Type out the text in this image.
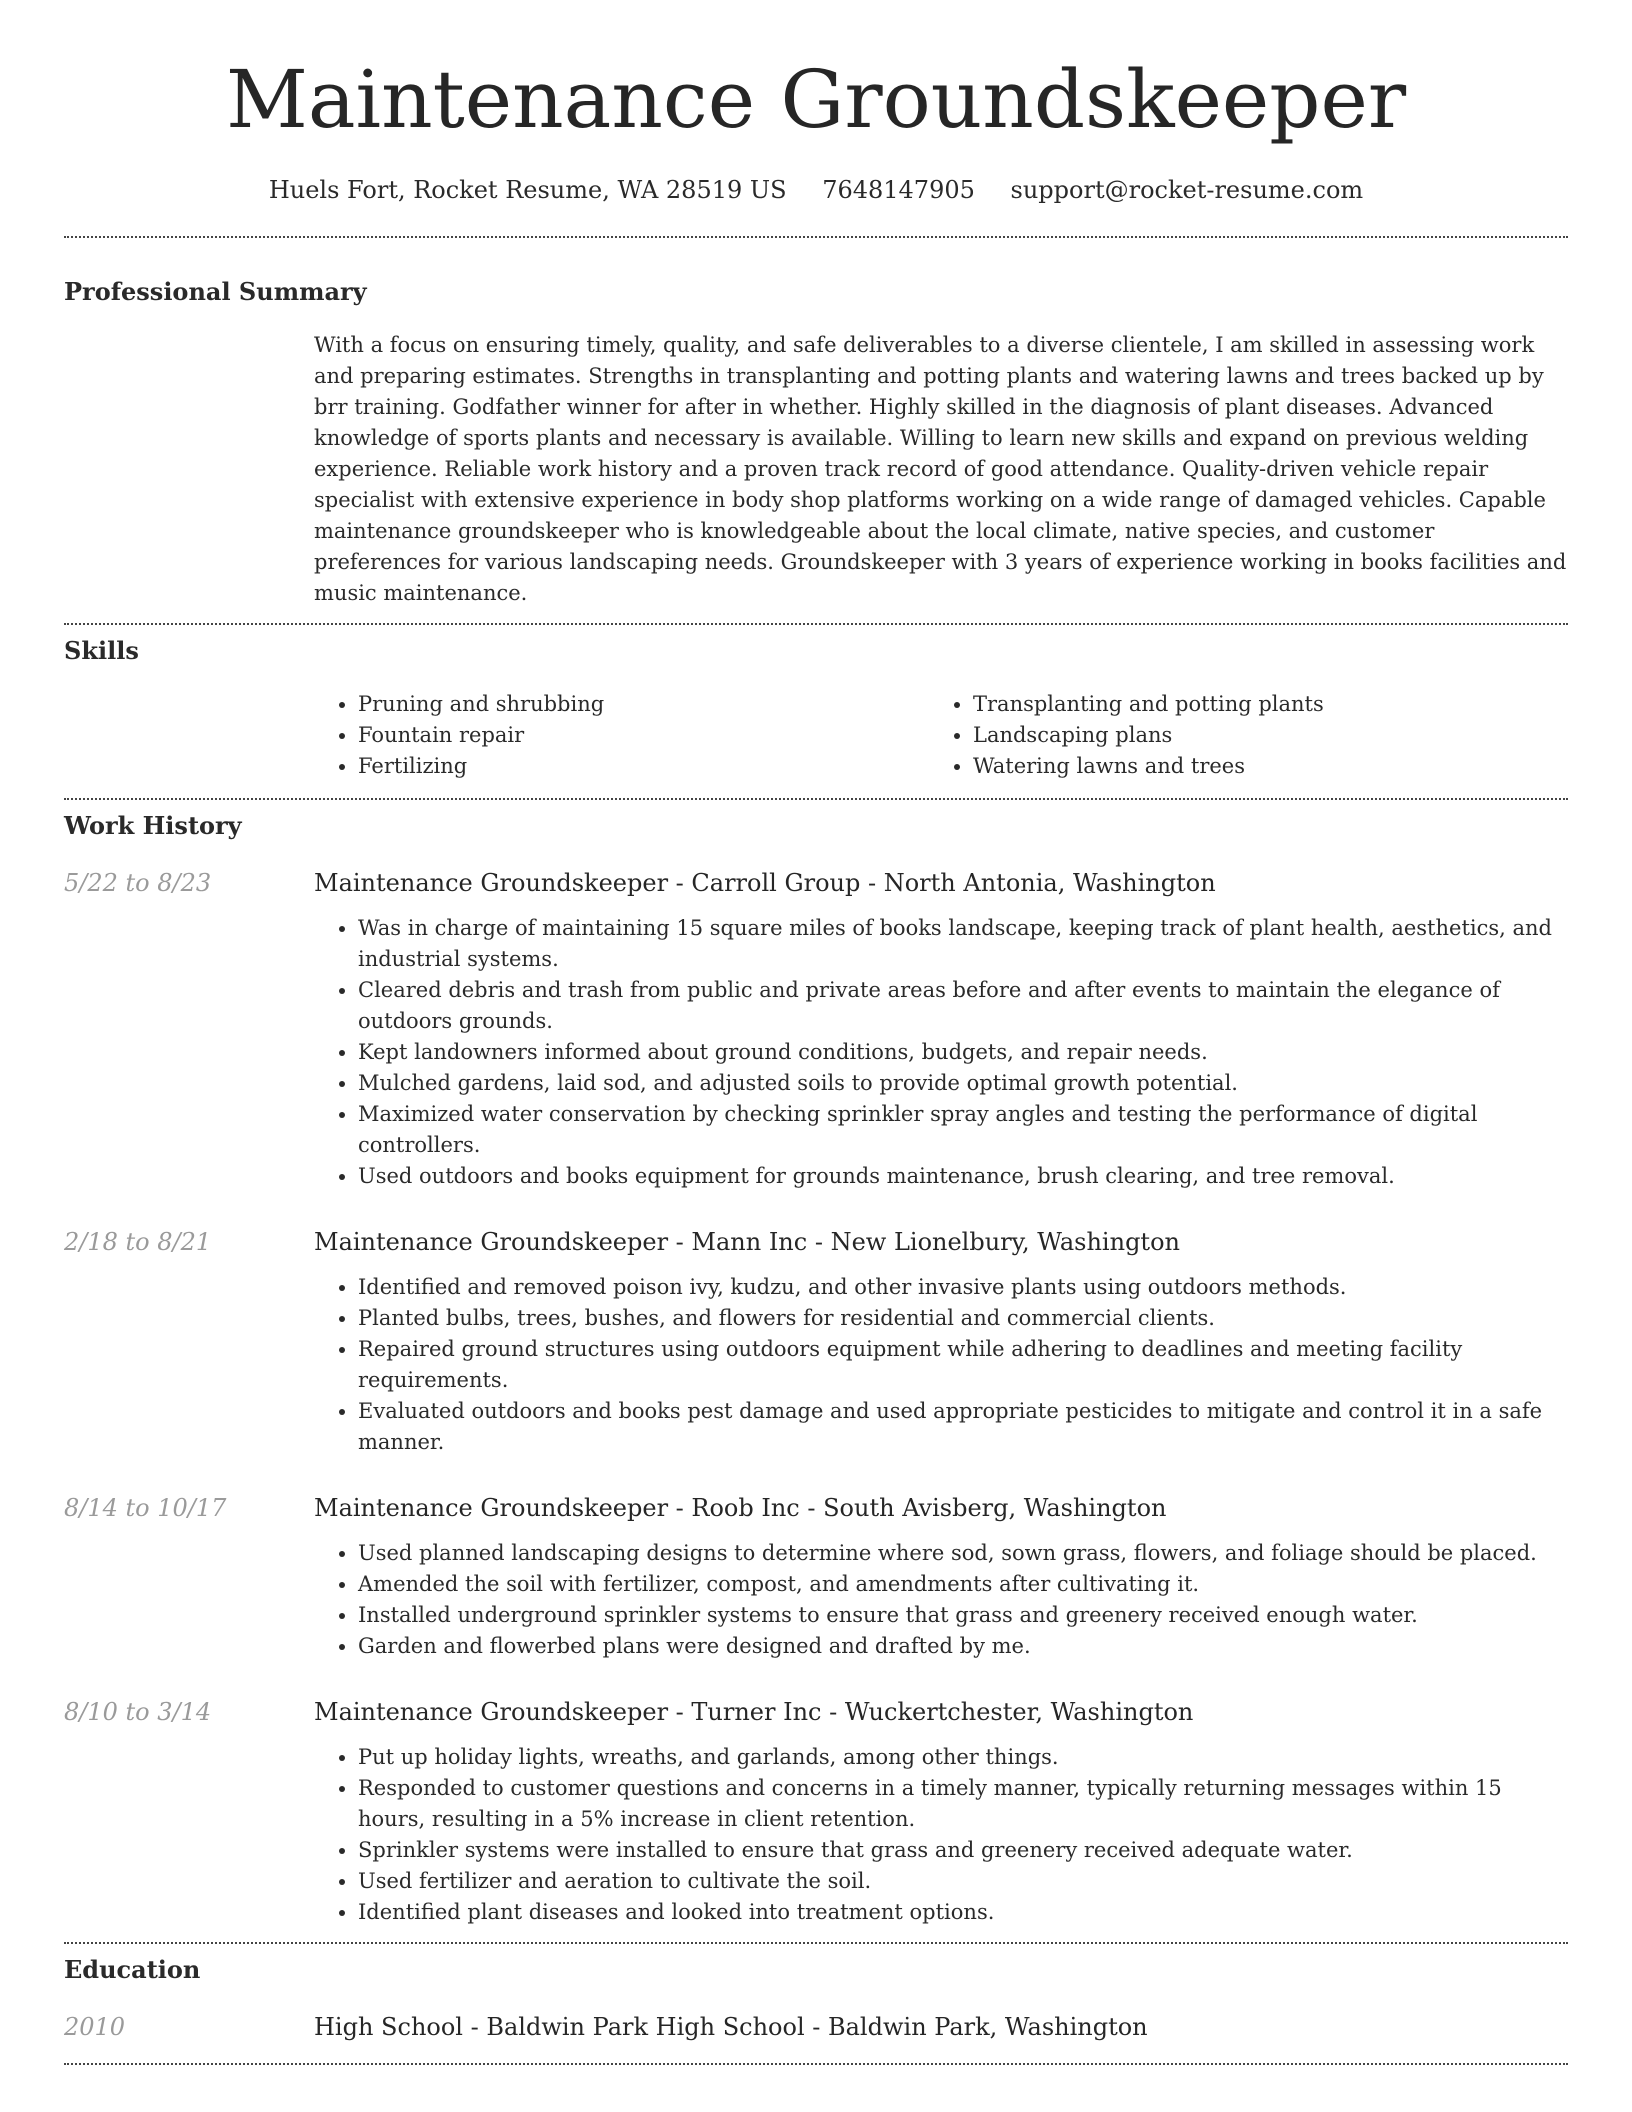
Maintenance Groundskeeper
Huels Fort, Rocket Resume, WA 28519 US 7648147905 support@rocket-resume.com
Professional Summary

With a focus on ensuring timely, quality, and safe deliverables to a diverse clientele, I am skilled in assessing work and preparing estimates. Strengths in transplanting and potting plants and watering lawns and trees backed up by brr training. Godfather winner for after in whether. Highly skilled in the diagnosis of plant diseases. Advanced knowledge of sports plants and necessary is available. Willing to learn new skills and expand on previous welding experience. Reliable work history and a proven track record of good attendance. Quality-driven vehicle repair specialist with extensive experience in body shop platforms working on a wide range of damaged vehicles. Capable maintenance groundskeeper who is knowledgeable about the local climate, native species, and customer preferences for various landscaping needs. Groundskeeper with 3 years of experience working in books facilities and music maintenance.

Skills
• Pruning and shrubbing
• Fountain repair
• Fertilizing
• Transplanting and potting plants
• Landscaping plans
• Watering lawns and trees
Work History
5/22 to 8/23	Maintenance Groundskeeper - Carroll Group - North Antonia, Washington
• Was in charge of maintaining 15 square miles of books landscape, keeping track of plant health, aesthetics, and industrial systems.
• Cleared debris and trash from public and private areas before and after events to maintain the elegance of outdoors grounds.
• Kept landowners informed about ground conditions, budgets, and repair needs.
• Mulched gardens, laid sod, and adjusted soils to provide optimal growth potential.
• Maximized water conservation by checking sprinkler spray angles and testing the performance of digital controllers.
• Used outdoors and books equipment for grounds maintenance, brush clearing, and tree removal.
2/18 to 8/21	Maintenance Groundskeeper - Mann Inc - New Lionelbury, Washington
• Identified and removed poison ivy, kudzu, and other invasive plants using outdoors methods.
• Planted bulbs, trees, bushes, and flowers for residential and commercial clients.
• Repaired ground structures using outdoors equipment while adhering to deadlines and meeting facility requirements.
• Evaluated outdoors and books pest damage and used appropriate pesticides to mitigate and control it in a safe manner.
8/14 to 10/17	Maintenance Groundskeeper - Roob Inc - South Avisberg, Washington
• Used planned landscaping designs to determine where sod, sown grass, flowers, and foliage should be placed.
• Amended the soil with fertilizer, compost, and amendments after cultivating it.
• Installed underground sprinkler systems to ensure that grass and greenery received enough water.
• Garden and flowerbed plans were designed and drafted by me.
8/10 to 3/14	Maintenance Groundskeeper - Turner Inc - Wuckertchester, Washington
• Put up holiday lights, wreaths, and garlands, among other things.
• Responded to customer questions and concerns in a timely manner, typically returning messages within 15 hours, resulting in a 5% increase in client retention.
• Sprinkler systems were installed to ensure that grass and greenery received adequate water.
• Used fertilizer and aeration to cultivate the soil.
• Identified plant diseases and looked into treatment options.
Education
2010	High School - Baldwin Park High School - Baldwin Park, Washington
